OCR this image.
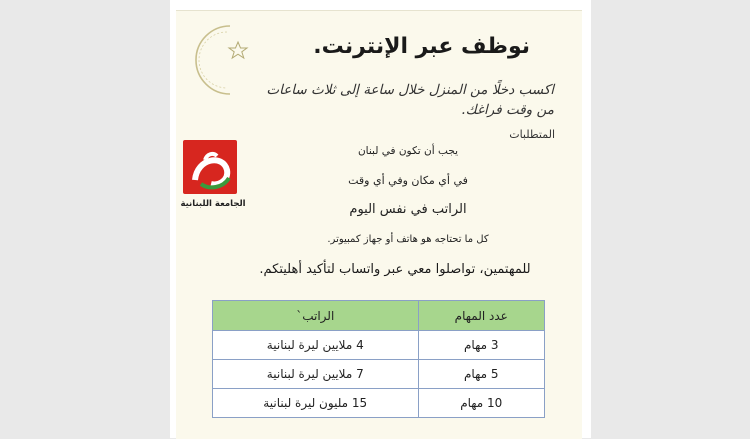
نوظف عبر الإنترنت.
اكسب دخلًا من المنزل خلال ساعة إلى ثلاث ساعات من وقت فراغك.
المتطلبات
الجامعة اللبنانية
يجب أن تكون في لبنان
في أي مكان وفي أي وقت
الراتب في نفس اليوم
كل ما تحتاجه هو هاتف أو جهاز كمبيوتر.
للمهتمين، تواصلوا معي عبر واتساب لتأكيد أهليتكم.
الراتب`	عدد المهام
4 ملايين ليرة لبنانية	3 مهام
7 ملايين ليرة لبنانية	5 مهام
15 مليون ليرة لبنانية	10 مهام
